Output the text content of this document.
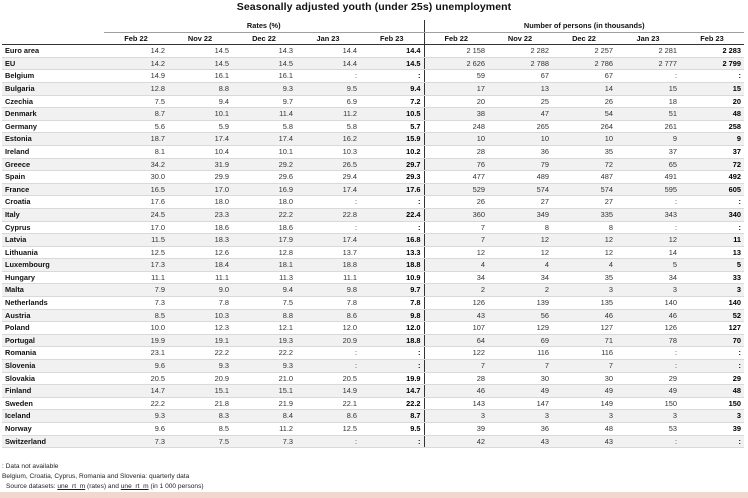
Seasonally adjusted youth (under 25s) unemployment
	Rates (%)					Number of persons (in thousands)				
	Feb 22	Nov 22	Dec 22	Jan 23	Feb 23	Feb 22	Nov 22	Dec 22	Jan 23	Feb 23
Euro area	14.2	14.5	14.3	14.4	14.4	2 158	2 282	2 257	2 281	2 283
EU	14.2	14.5	14.5	14.4	14.5	2 626	2 788	2 786	2 777	2 799
Belgium	14.9	16.1	16.1	:	:	59	67	67	:	:
Bulgaria	12.8	8.8	9.3	9.5	9.4	17	13	14	15	15
Czechia	7.5	9.4	9.7	6.9	7.2	20	25	26	18	20
Denmark	8.7	10.1	11.4	11.2	10.5	38	47	54	51	48
Germany	5.6	5.9	5.8	5.8	5.7	248	265	264	261	258
Estonia	18.7	17.4	17.4	16.2	15.9	10	10	10	9	9
Ireland	8.1	10.4	10.1	10.3	10.2	28	36	35	37	37
Greece	34.2	31.9	29.2	26.5	29.7	76	79	72	65	72
Spain	30.0	29.9	29.6	29.4	29.3	477	489	487	491	492
France	16.5	17.0	16.9	17.4	17.6	529	574	574	595	605
Croatia	17.6	18.0	18.0	:	:	26	27	27	:	:
Italy	24.5	23.3	22.2	22.8	22.4	360	349	335	343	340
Cyprus	17.0	18.6	18.6	:	:	7	8	8	:	:
Latvia	11.5	18.3	17.9	17.4	16.8	7	12	12	12	11
Lithuania	12.5	12.6	12.8	13.7	13.3	12	12	12	14	13
Luxembourg	17.3	18.4	18.1	18.8	18.8	4	4	4	5	5
Hungary	11.1	11.1	11.3	11.1	10.9	34	34	35	34	33
Malta	7.9	9.0	9.4	9.8	9.7	2	2	3	3	3
Netherlands	7.3	7.8	7.5	7.8	7.8	126	139	135	140	140
Austria	8.5	10.3	8.8	8.6	9.8	43	56	46	46	52
Poland	10.0	12.3	12.1	12.0	12.0	107	129	127	126	127
Portugal	19.9	19.1	19.3	20.9	18.8	64	69	71	78	70
Romania	23.1	22.2	22.2	:	:	122	116	116	:	:
Slovenia	9.6	9.3	9.3	:	:	7	7	7	:	:
Slovakia	20.5	20.9	21.0	20.5	19.9	28	30	30	29	29
Finland	14.7	15.1	15.1	14.9	14.7	46	49	49	49	48
Sweden	22.2	21.8	21.9	22.1	22.2	143	147	149	150	150
Iceland	9.3	8.3	8.4	8.6	8.7	3	3	3	3	3
Norway	9.6	8.5	11.2	12.5	9.5	39	36	48	53	39
Switzerland	7.3	7.5	7.3	:	:	42	43	43	:	:
: Data not available
Belgium, Croatia, Cyprus, Romania and Slovenia: quarterly data
Source datasets: une_rt_m (rates) and une_rt_m (in 1 000 persons)
